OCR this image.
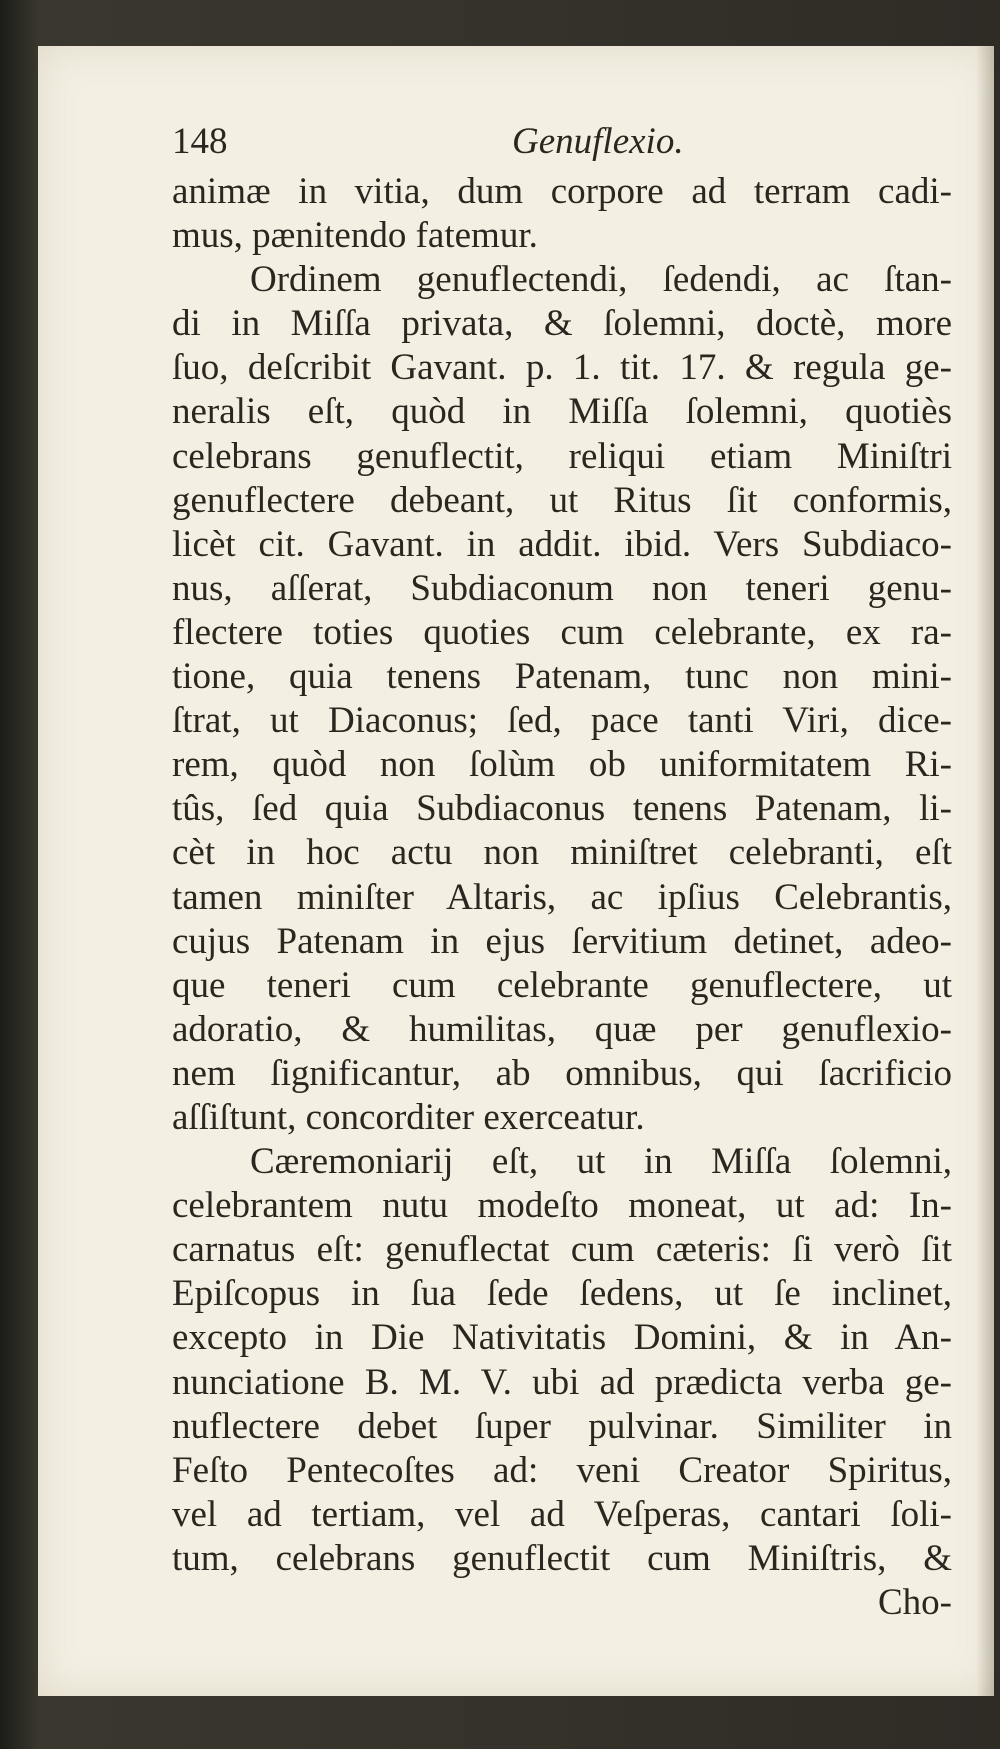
148	Genuflexio.
animæ in vitia, dum corpore ad terram cadi-
mus, pænitendo fatemur.
Ordinem genuflectendi, ſedendi, ac ſtan-
di in Miſſa privata, & ſolemni, doctè, more
ſuo, deſcribit Gavant. p. 1. tit. 17. & regula ge-
neralis eſt, quòd in Miſſa ſolemni, quotiès
celebrans genuflectit, reliqui etiam Miniſtri
genuflectere debeant, ut Ritus ſit conformis,
licèt cit. Gavant. in addit. ibid. Vers Subdiaco-
nus, aſſerat, Subdiaconum non teneri genu-
flectere toties quoties cum celebrante, ex ra-
tione, quia tenens Patenam, tunc non mini-
ſtrat, ut Diaconus; ſed, pace tanti Viri, dice-
rem, quòd non ſolùm ob uniformitatem Ri-
tûs, ſed quia Subdiaconus tenens Patenam, li-
cèt in hoc actu non miniſtret celebranti, eſt
tamen miniſter Altaris, ac ipſius Celebrantis,
cujus Patenam in ejus ſervitium detinet, adeo-
que teneri cum celebrante genuflectere, ut
adoratio, & humilitas, quæ per genuflexio-
nem ſignificantur, ab omnibus, qui ſacrificio
aſſiſtunt, concorditer exerceatur.
Cæremoniarij eſt, ut in Miſſa ſolemni,
celebrantem nutu modeſto moneat, ut ad: In-
carnatus eſt: genuflectat cum cæteris: ſi verò ſit
Epiſcopus in ſua ſede ſedens, ut ſe inclinet,
excepto in Die Nativitatis Domini, & in An-
nunciatione B. M. V. ubi ad prædicta verba ge-
nuflectere debet ſuper pulvinar. Similiter in
Feſto Pentecoſtes ad: veni Creator Spiritus,
vel ad tertiam, vel ad Veſperas, cantari ſoli-
tum, celebrans genuflectit cum Miniſtris, &
Cho-
